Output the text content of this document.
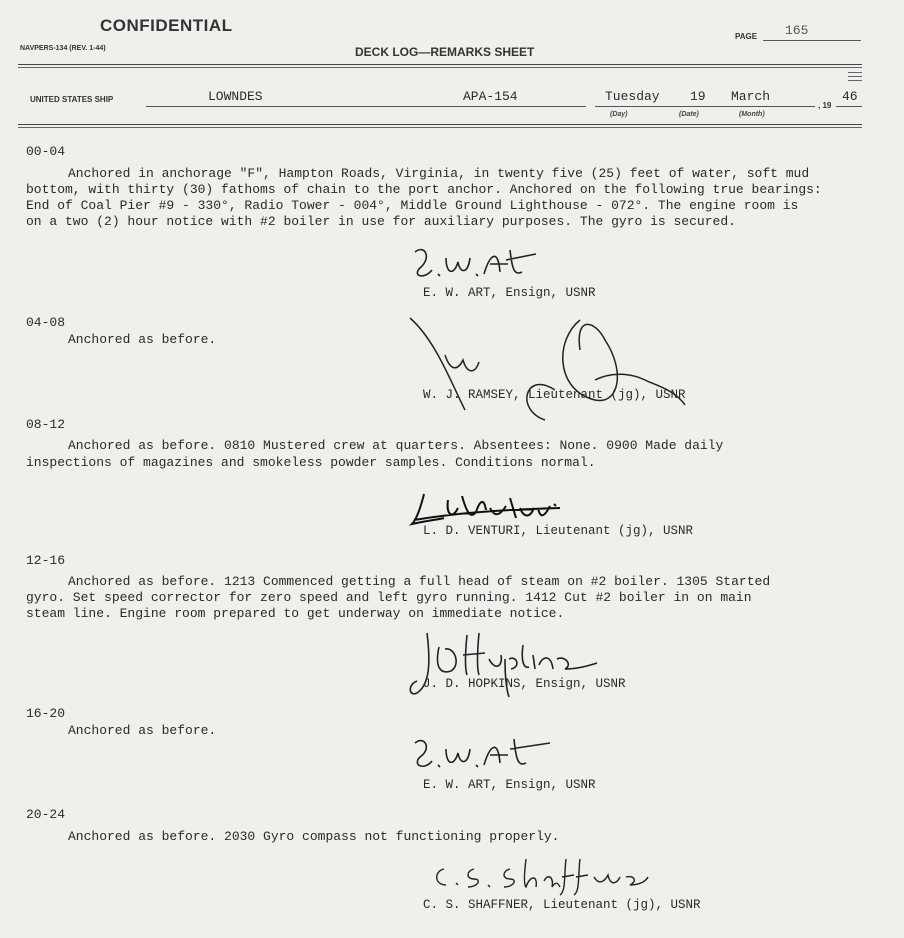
CONFIDENTIAL
NAVPERS-134 (REV. 1-44)	DECK LOG—REMARKS SHEET
PAGE 165
UNITED STATES SHIP	LOWNDES	APA-154	Tuesday 19 March
(Day)	(Date)	(Month)
, 19
46
00-04
Anchored in anchorage "F", Hampton Roads, Virginia, in twenty five (25) feet of water, soft mud
bottom, with thirty (30) fathoms of chain to the port anchor. Anchored on the following true bearings:
End of Coal Pier #9 - 330°, Radio Tower - 004°, Middle Ground Lighthouse - 072°. The engine room is
on a two (2) hour notice with #2 boiler in use for auxiliary purposes. The gyro is secured.
E. W. ART, Ensign, USNR
04-08
Anchored as before.
W. J. RAMSEY, Lieutenant (jg), USNR
08-12
Anchored as before. 0810 Mustered crew at quarters. Absentees: None. 0900 Made daily
inspections of magazines and smokeless powder samples. Conditions normal.
L. D. VENTURI, Lieutenant (jg), USNR
12-16
Anchored as before. 1213 Commenced getting a full head of steam on #2 boiler. 1305 Started
gyro. Set speed corrector for zero speed and left gyro running. 1412 Cut #2 boiler in on main
steam line. Engine room prepared to get underway on immediate notice.
J. D. HOPKINS, Ensign, USNR
16-20
Anchored as before.
E. W. ART, Ensign, USNR
20-24
Anchored as before. 2030 Gyro compass not functioning properly.
C. S. SHAFFNER, Lieutenant (jg), USNR
